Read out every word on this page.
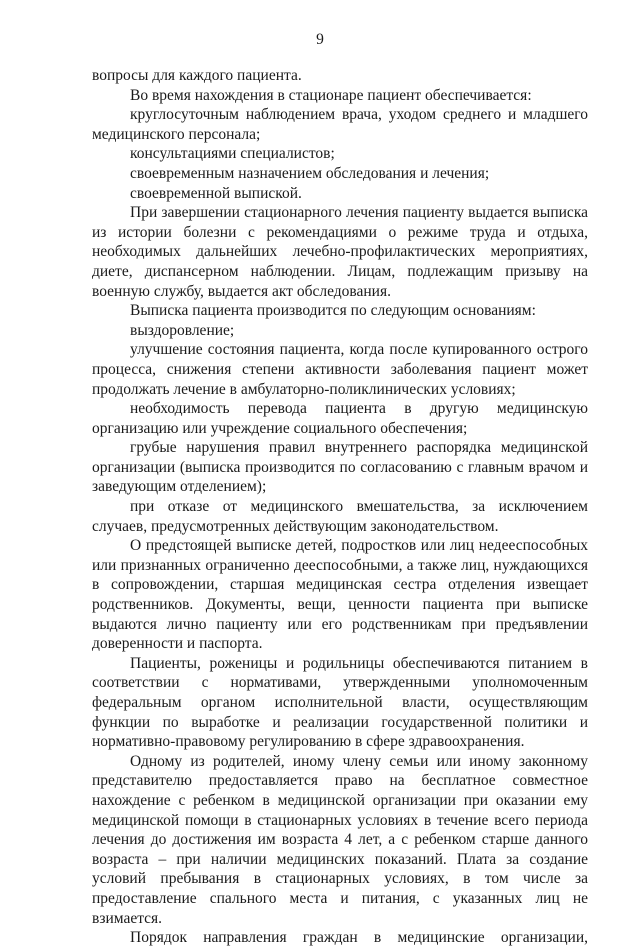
9

вопросы для каждого пациента.

Во время нахождения в стационаре пациент обеспечивается:

круглосуточным наблюдением врача, уходом среднего и младшего медицинского персонала;

консультациями специалистов;

своевременным назначением обследования и лечения;

своевременной выпиской.

При завершении стационарного лечения пациенту выдается выписка из истории болезни с рекомендациями о режиме труда и отдыха, необходимых дальнейших лечебно-профилактических мероприятиях, диете, диспансерном наблюдении. Лицам, подлежащим призыву на военную службу, выдается акт обследования.

Выписка пациента производится по следующим основаниям:

выздоровление;

улучшение состояния пациента, когда после купированного острого процесса, снижения степени активности заболевания пациент может продолжать лечение в амбулаторно-поликлинических условиях;

необходимость перевода пациента в другую медицинскую организацию или учреждение социального обеспечения;

грубые нарушения правил внутреннего распорядка медицинской организации (выписка производится по согласованию с главным врачом и заведующим отделением);

при отказе от медицинского вмешательства, за исключением случаев, предусмотренных действующим законодательством.

О предстоящей выписке детей, подростков или лиц недееспособных или признанных ограниченно дееспособными, а также лиц, нуждающихся в сопровождении, старшая медицинская сестра отделения извещает родственников. Документы, вещи, ценности пациента при выписке выдаются лично пациенту или его родственникам при предъявлении доверенности и паспорта.

Пациенты, роженицы и родильницы обеспечиваются питанием в соответствии с нормативами, утвержденными уполномоченным федеральным органом исполнительной власти, осуществляющим функции по выработке и реализации государственной политики и нормативно-правовому регулированию в сфере здравоохранения.

Одному из родителей, иному члену семьи или иному законному представителю предоставляется право на бесплатное совместное нахождение с ребенком в медицинской организации при оказании ему медицинской помощи в стационарных условиях в течение всего периода лечения до достижения им возраста 4 лет, а с ребенком старше данного возраста – при наличии медицинских показаний. Плата за создание условий пребывания в стационарных условиях, в том числе за предоставление спального места и питания, с указанных лиц не взимается.

Порядок направления граждан в медицинские организации,
